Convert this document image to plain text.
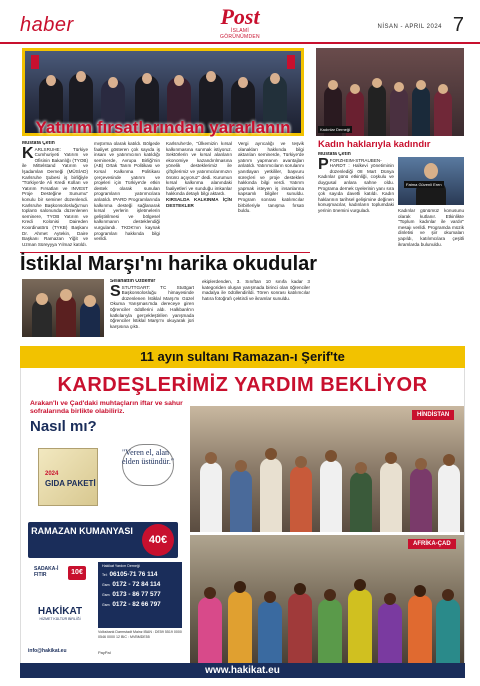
haber	Post
İSLAMİ GÖRÜNÜMDEN
NİSAN - APRIL 2024 7
Yatırım fırsatlarından yararlanın
Mustafa Çetin
K ARLSRUHE: Türkiye Cumhuriyeti Yatırım ve Ofisinin Bakanlığı (TYOB) ile Mittelstand Yatırım ve İşadamları Derneği (MÜSİAD) Karlsruhe Şubesi iş birliğiyle "Türkiye'de Ali Kredi Kolları ve Yatırım Fırsatları ve INVEST Proje Desteğine Sunumu" konulu bir seminer düzenlendi. Karlsruhe Başkonsolosluğu'nun toplantı salonunda düzenlenen seminere, TYOB Yatırım ve Kredi Kolonisi Daireden Koordinatörü (TYKB) Başkanı Dr. Ahmet Aytekin, Daire Başkanı Ramazan Yiğit ve Uzman Süreyyya Yılmaz katıldı.
mıştırma olarak katıldı. Bölgede faaliyet gösteren çok sayıda iş insanı ve yatırımcının katıldığı seminerde, Avrupa Birliği'nin (AB) Ortak Tarım Politikası ve Kırsal Kalkınma Politikası çerçevesinde yatırım ve projeleri için Türkiye'de etkin destek olarak sunulan programların yatırımcılara anlatıldı. IPARD Programlarında kalkınma desteği sağlanarak kırsal yerlerin işletmelerin geliştirilmesi ve bölgesel kalkınmanın desteklendiği vurgulandı. TKDK'nın kaynak programları hakkında bilgi verildi.
Karlsruhe'de, "Ülkemizin kırsal kalkınmasına sunmak istiyoruz. Sektörlerin ve kırsal alanların ekonomiye kazandırılmasına yönelik desteklerimiz ile çiftçilerimiz ve yatırımcılarımızın önünü açıyoruz" dedi. Kurumun kırsal kalkınma alanındaki faaliyetleri ve sunduğu imkanlar hakkında detaylı bilgi aktardı.
KIRSALDA KALKINMA İÇİN DESTEKLER
Vergi ayrıcalığı ve teşvik olanakları hakkında bilgi aktarılan seminerde, Türkiye'de yatırım yapmanın avantajları anlatıldı. Yatırımcıların sorularını yanıtlayan yetkililer, başvuru süreçleri ve proje destekleri hakkında bilgi verdi. Yatırım yapmak isteyen iş insanlarına kapsamlı bilgiler sunuldu. Program sonrası katılımcılar birbirleriyle tanışma fırsatı buldu.
Kadınlar Derneği
Kadın haklarıyla kadındır
Mustafa Çetin
P FORZHEIM-STRAUBEN-HARDT : Halkevi yönetiminin düzenlediği 08 Mart Dünya Kadınlar günü etkinliği, coşkulu ve duygusal anlara sahne oldu. Programa dernek üyelerinin yanı sıra çok sayıda davetli katıldı. Kadın haklarının tarihsel gelişimine değinen konuşmacılar, kadınların toplumdaki yerinin önemini vurguladı.
Fatma Güvenli Eren
Kadınlar günümüz konusunu olarak kutlanır. Etkinlikte "Toplum kadınlar ile vardır" mesajı verildi. Programda müzik dinletisi ve şiir okumaları yapıldı, katılımcılara çeşitli ikramlarda bulunuldu.
İstiklal Marşı'nı harika okudular
Selahattin Özdemir
S STUTTGART: TC Stuttgart Başkonsolosluğu himayesinde düzenlenen İstiklal Marşı'nı Güzel Okuma Yarışması'nda dereceye giren öğrenciler ödüllerini aldı. Halkbank'ın katkılarıyla gerçekleştirilen yarışmada öğrenciler İstiklal Marşı'nı okuyarak jüri karşısına çıktı.
ekiplerdenden, 3. Sınıftan 10 sınıfa kadar 3 kategoriden oluşan yarışmada birinci olan öğrenciler madalya ile ödüllendirildi. Tören sonrası katılımcılar hatıra fotoğrafı çektirdi ve ikramlar sunuldu.
11 ayın sultanı Ramazan-ı Şerif'te
KARDEŞLERİMİZ YARDIM BEKLİYOR
Arakan'lı ve Çad'daki muhtaçların iftar ve sahur sofralarında birlikte olabiliriz.
Nasıl mı?
2024
GIDA PAKETİ
"Veren el, alan elden üstündür."
RAMAZAN KUMANYASI
40€
SADAKA-İ FITIR	10€
Hakikat Yardım Derneği
Tel: 06105-71 76 114
Gsm: 0172 - 72 84 114
Gsm: 0173 - 86 77 577
Gsm: 0172 - 82 66 797
HAKİKAT
HİZMET KÜLTÜR BİRLİĞİ
Volksbank Darmstadt Mainz IBAN : DE59 5519 0000 0546 0000 12 BIC : MVBMDE55
PayPal
info@hakikat.eu
HİNDİSTAN
AFRİKA-ÇAD
www.hakikat.eu
